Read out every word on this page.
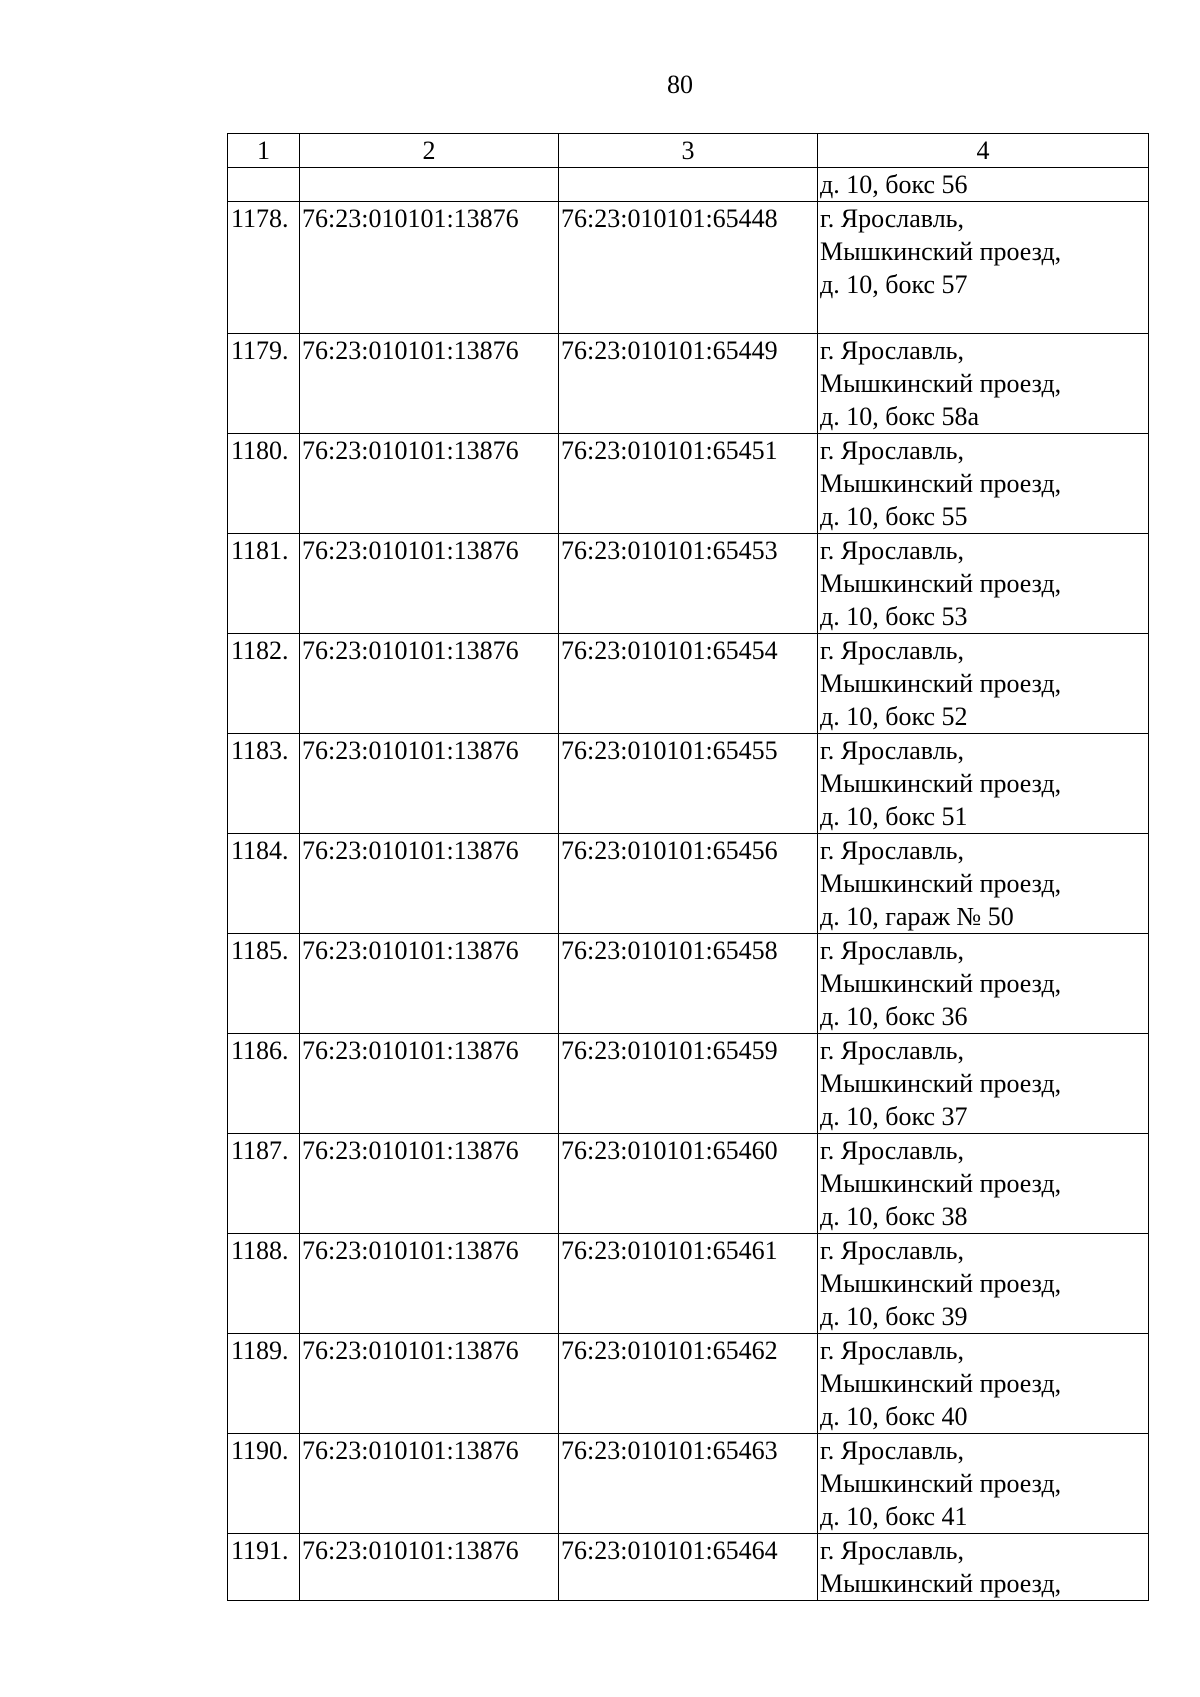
80
1	2	3	4

			д. 10, бокс 56

1178.	76:23:010101:13876	76:23:010101:65448	г. Ярославль,
Мышкинский проезд,
д. 10, бокс 57

1179.	76:23:010101:13876	76:23:010101:65449	г. Ярославль,
Мышкинский проезд,
д. 10, бокс 58а

1180.	76:23:010101:13876	76:23:010101:65451	г. Ярославль,
Мышкинский проезд,
д. 10, бокс 55

1181.	76:23:010101:13876	76:23:010101:65453	г. Ярославль,
Мышкинский проезд,
д. 10, бокс 53

1182.	76:23:010101:13876	76:23:010101:65454	г. Ярославль,
Мышкинский проезд,
д. 10, бокс 52

1183.	76:23:010101:13876	76:23:010101:65455	г. Ярославль,
Мышкинский проезд,
д. 10, бокс 51

1184.	76:23:010101:13876	76:23:010101:65456	г. Ярославль,
Мышкинский проезд,
д. 10, гараж № 50

1185.	76:23:010101:13876	76:23:010101:65458	г. Ярославль,
Мышкинский проезд,
д. 10, бокс 36

1186.	76:23:010101:13876	76:23:010101:65459	г. Ярославль,
Мышкинский проезд,
д. 10, бокс 37

1187.	76:23:010101:13876	76:23:010101:65460	г. Ярославль,
Мышкинский проезд,
д. 10, бокс 38

1188.	76:23:010101:13876	76:23:010101:65461	г. Ярославль,
Мышкинский проезд,
д. 10, бокс 39

1189.	76:23:010101:13876	76:23:010101:65462	г. Ярославль,
Мышкинский проезд,
д. 10, бокс 40

1190.	76:23:010101:13876	76:23:010101:65463	г. Ярославль,
Мышкинский проезд,
д. 10, бокс 41

1191.	76:23:010101:13876	76:23:010101:65464	г. Ярославль,
Мышкинский проезд,
